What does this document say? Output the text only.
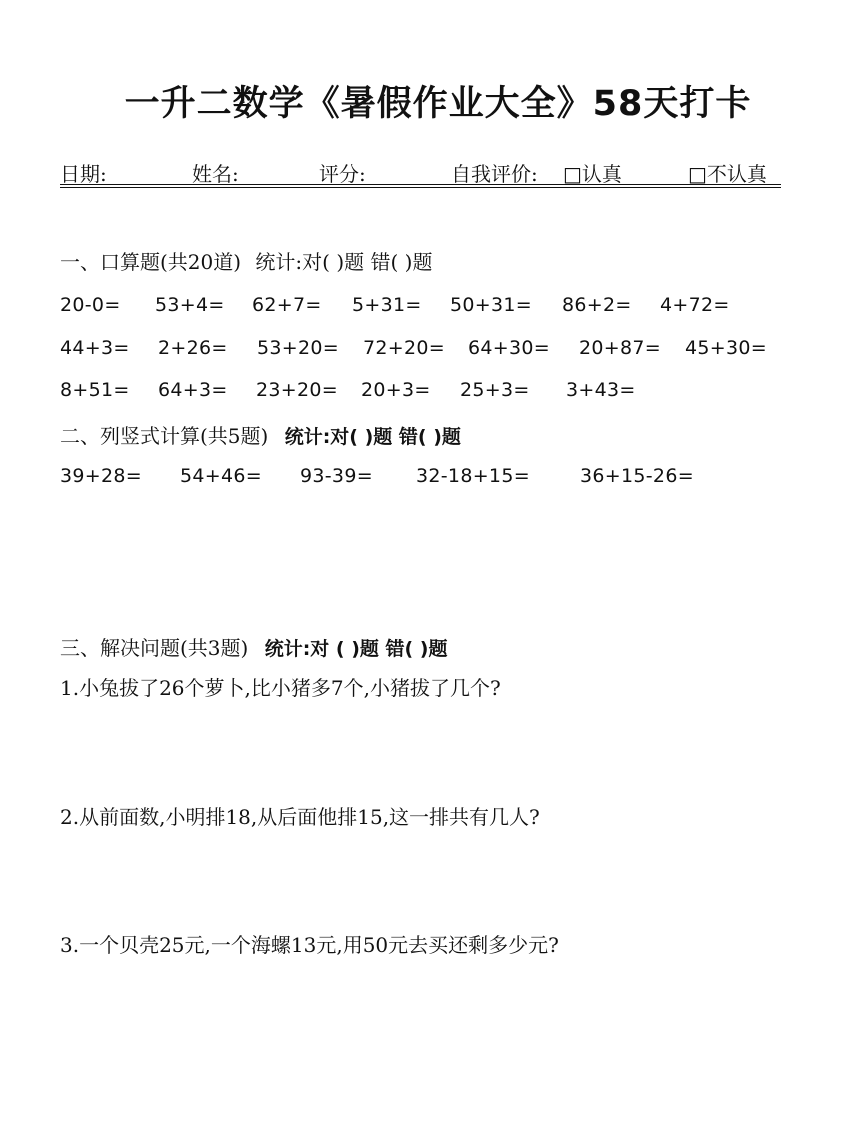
一升二数学《暑假作业大全》58天打卡
日期:	姓名:	评分:	自我评价: □认真	□不认真
一、口算题(共20道) 统计:对( )题 错( )题
20-0= 53+4= 62+7= 5+31= 50+31= 86+2= 4+72=
44+3= 2+26= 53+20= 72+20= 64+30= 20+87= 45+30=
8+51= 64+3= 23+20= 20+3= 25+3= 3+43=
二、列竖式计算(共5题) 统计:对( )题 错( )题
39+28= 54+46= 93-39= 32-18+15=	36+15-26=
三、解决问题(共3题) 统计:对 ( )题 错( )题
1.小兔拔了26个萝卜,比小猪多7个,小猪拔了几个?
2.从前面数,小明排18,从后面他排15,这一排共有几人?
3.一个贝壳25元,一个海螺13元,用50元去买还剩多少元?
